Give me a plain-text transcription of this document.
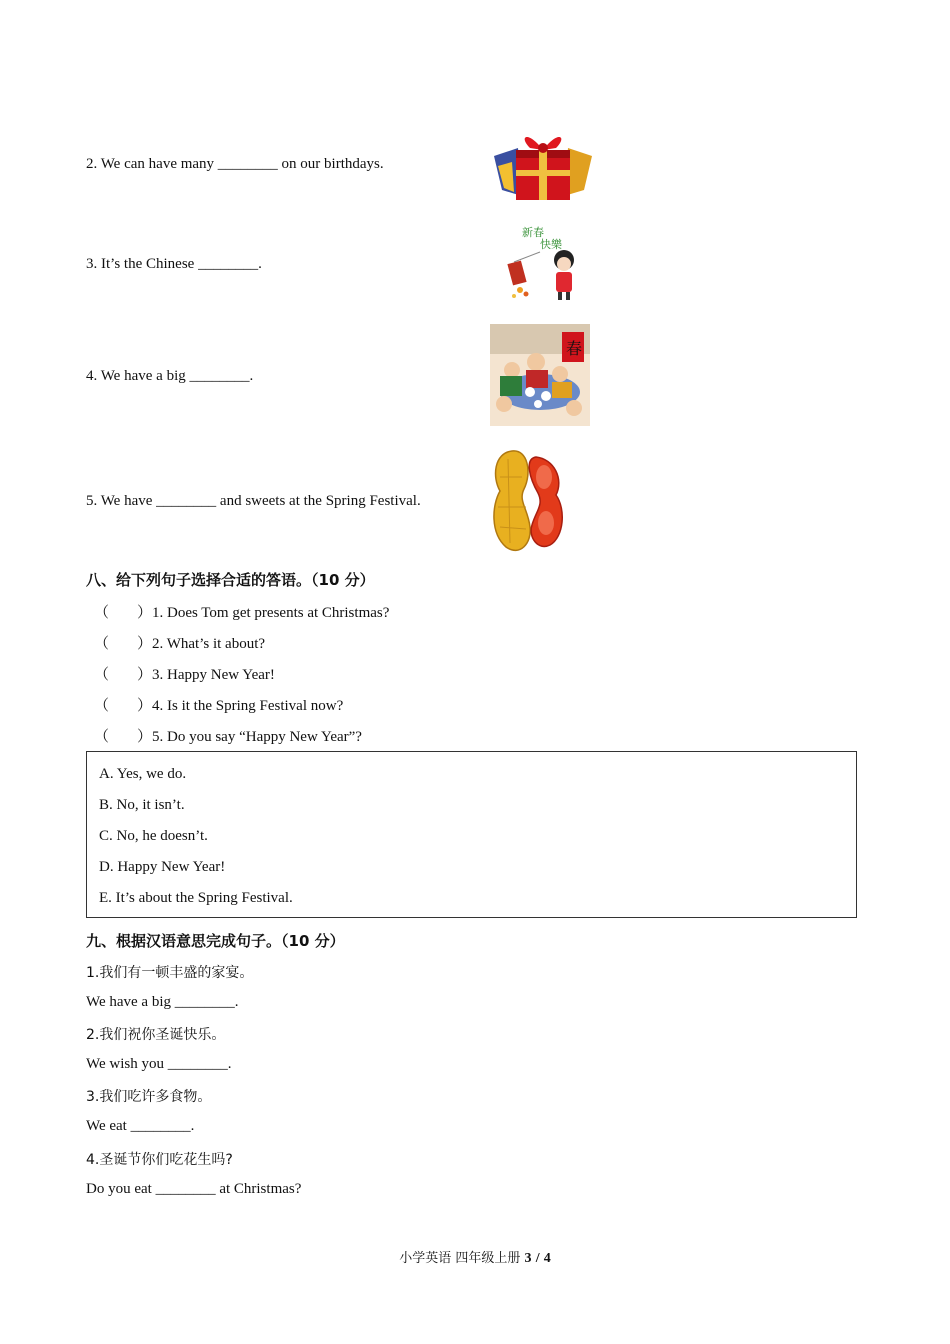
2. We can have many ________ on our birthdays.
3. It’s the Chinese ________.
新春
快樂
4. We have a big ________.
春
5. We have ________ and sweets at the Spring Festival.
八、给下列句子选择合适的答语。（10 分）
（ ）1. Does Tom get presents at Christmas?
（ ）2. What’s it about?
（ ）3. Happy New Year!
（ ）4. Is it the Spring Festival now?
（ ）5. Do you say “Happy New Year”?
A. Yes, we do.
B. No, it isn’t.
C. No, he doesn’t.
D. Happy New Year!
E. It’s about the Spring Festival.
九、根据汉语意思完成句子。（10 分）
1.我们有一顿丰盛的家宴。
We have a big ________.
2.我们祝你圣诞快乐。
We wish you ________.
3.我们吃许多食物。
We eat ________.
4.圣诞节你们吃花生吗?
Do you eat ________ at Christmas?
小学英语 四年级上册 3 / 4
